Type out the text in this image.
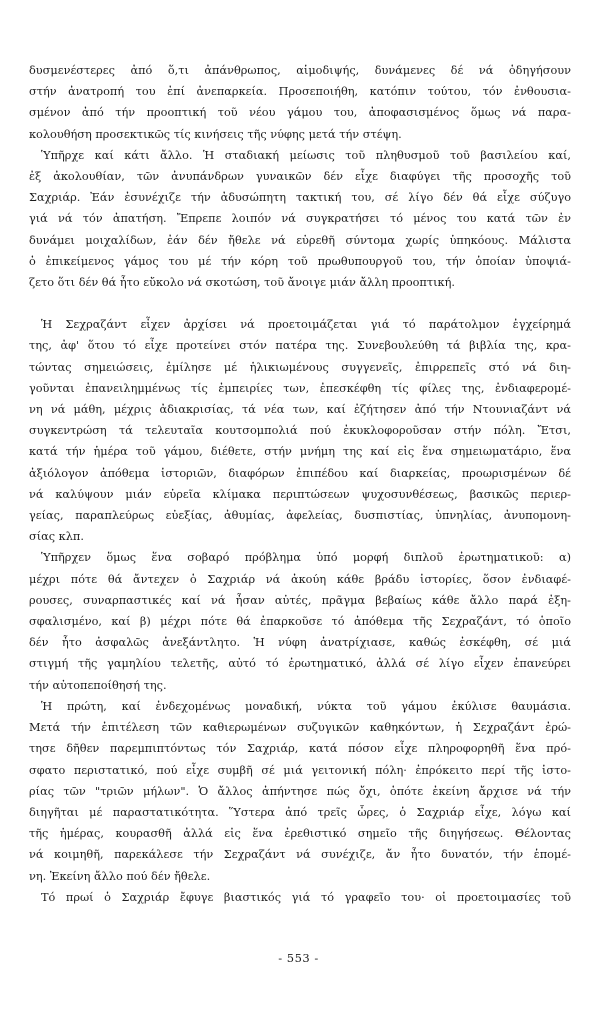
δυσμενέστερες ἀπό ὅ,τι ἀπάνθρωπος, αἱμοδιψής, δυνάμενες δέ νά ὁδηγήσουν
στήν ἀνατροπή του ἐπί ἀνεπαρκεία. Προσεποιήθη, κατόπιν τούτου, τόν ἐνθουσια-
σμένον ἀπό τήν προοπτική τοῦ νέου γάμου του, ἀποφασισμένος ὅμως νά παρα-
κολουθήση προσεκτικῶς τίς κινήσεις τῆς νύφης μετά τήν στέψη.

Ὑπῆρχε καί κάτι ἄλλο. Ἡ σταδιακή μείωσις τοῦ πληθυσμοῦ τοῦ βασιλείου καί,
ἐξ ἀκολουθίαν, τῶν ἀνυπάνδρων γυναικῶν δέν εἶχε διαφύγει τῆς προσοχῆς τοῦ
Σαχριάρ. Ἐάν ἐσυνέχιζε τήν ἀδυσώπητη τακτική του, σέ λίγο δέν θά εἶχε σύζυγο
γιά νά τόν ἀπατήση. Ἔπρεπε λοιπόν νά συγκρατήσει τό μένος του κατά τῶν ἐν
δυνάμει μοιχαλίδων, ἐάν δέν ἤθελε νά εὑρεθῆ σύντομα χωρίς ὑπηκόους. Μάλιστα
ὁ ἐπικείμενος γάμος του μέ τήν κόρη τοῦ πρωθυπουργοῦ του, τήν ὁποίαν ὑποψιά-
ζετο ὅτι δέν θά ἦτο εὔκολο νά σκοτώση, τοῦ ἄνοιγε μιάν ἄλλη προοπτική.

Ἡ Σεχραζάντ εἶχεν ἀρχίσει νά προετοιμάζεται γιά τό παράτολμον ἐγχείρημά
της, ἀφ' ὅτου τό εἶχε προτείνει στόν πατέρα της. Συνεβουλεύθη τά βιβλία της, κρα-
τώντας σημειώσεις, ἐμίλησε μέ ἡλικιωμένους συγγενεῖς, ἐπιρρεπεῖς στό νά διη-
γοῦνται ἐπανειλημμένως τίς ἐμπειρίες των, ἐπεσκέφθη τίς φίλες της, ἐνδιαφερομέ-
νη νά μάθη, μέχρις ἀδιακρισίας, τά νέα των, καί ἐζήτησεν ἀπό τήν Ντουνιαζάντ νά
συγκεντρώση τά τελευταῖα κουτσομπολιά πού ἐκυκλοφοροῦσαν στήν πόλη. Ἔτσι,
κατά τήν ἡμέρα τοῦ γάμου, διέθετε, στήν μνήμη της καί εἰς ἕνα σημειωματάριο, ἕνα
ἀξιόλογον ἀπόθεμα ἱστοριῶν, διαφόρων ἐπιπέδου καί διαρκείας, προωρισμένων δέ
νά καλύψουν μιάν εὐρεῖα κλίμακα περιπτώσεων ψυχοσυνθέσεως, βασικῶς περιερ-
γείας, παραπλεύρως εὐεξίας, ἀθυμίας, ἀφελείας, δυσπιστίας, ὑπνηλίας, ἀνυπομονη-
σίας κλπ.

Ὑπῆρχεν ὅμως ἕνα σοβαρό πρόβλημα ὑπό μορφή διπλοῦ ἐρωτηματικοῦ: α)
μέχρι πότε θά ἄντεχεν ὁ Σαχριάρ νά ἀκούη κάθε βράδυ ἱστορίες, ὅσον ἐνδιαφέ-
ρουσες, συναρπαστικές καί νά ἦσαν αὐτές, πρᾶγμα βεβαίως κάθε ἄλλο παρά ἐξη-
σφαλισμένο, καί β) μέχρι πότε θά ἐπαρκοῦσε τό ἀπόθεμα τῆς Σεχραζάντ, τό ὁποῖο
δέν ἦτο ἀσφαλῶς ἀνεξάντλητο. Ἡ νύφη ἀνατρίχιασε, καθώς ἐσκέφθη, σέ μιά
στιγμή τῆς γαμηλίου τελετῆς, αὐτό τό ἐρωτηματικό, ἀλλά σέ λίγο εἶχεν ἐπανεύρει
τήν αὐτοπεποίθησή της.

Ἡ πρώτη, καί ἐνδεχομένως μοναδική, νύκτα τοῦ γάμου ἐκύλισε θαυμάσια.
Μετά τήν ἐπιτέλεση τῶν καθιερωμένων συζυγικῶν καθηκόντων, ἡ Σεχραζάντ ἐρώ-
τησε δῆθεν παρεμπιπτόντως τόν Σαχριάρ, κατά πόσον εἶχε πληροφορηθῆ ἕνα πρό-
σφατο περιστατικό, πού εἶχε συμβῆ σέ μιά γειτονική πόλη· ἐπρόκειτο περί τῆς ἱστο-
ρίας τῶν "τριῶν μήλων". Ὁ ἄλλος ἀπήντησε πώς ὄχι, ὁπότε ἐκείνη ἄρχισε νά τήν
διηγῆται μέ παραστατικότητα. Ὕστερα ἀπό τρεῖς ὧρες, ὁ Σαχριάρ εἶχε, λόγω καί
τῆς ἡμέρας, κουρασθῆ ἀλλά εἰς ἕνα ἐρεθιστικό σημεῖο τῆς διηγήσεως. Θέλοντας
νά κοιμηθῆ, παρεκάλεσε τήν Σεχραζάντ νά συνέχιζε, ἄν ἦτο δυνατόν, τήν ἑπομέ-
νη. Ἐκείνη ἄλλο πού δέν ἤθελε.

Τό πρωί ὁ Σαχριάρ ἔφυγε βιαστικός γιά τό γραφεῖο του· οἱ προετοιμασίες τοῦ

- 553 -
